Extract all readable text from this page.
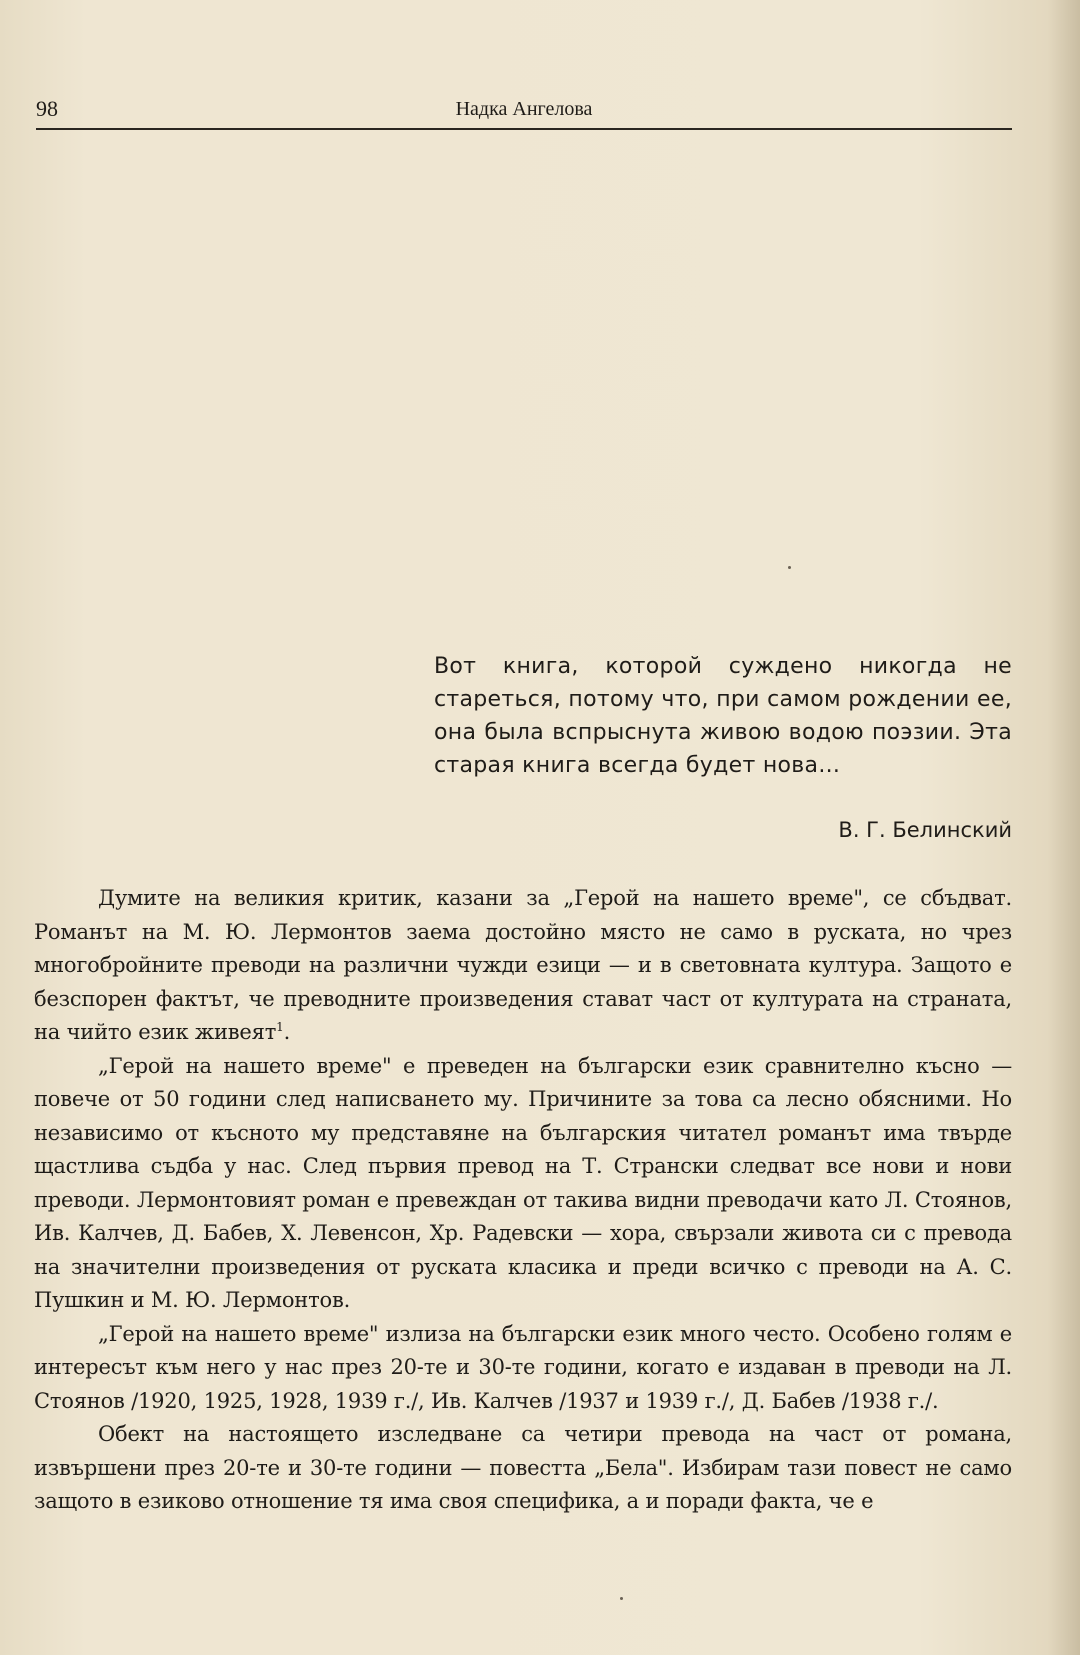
98	Надка Ангелова
Вот книга, которой суждено никогда не стареться, потому что, при самом рождении ее, она была вспрыснута живою водою поэзии. Эта старая книга всегда будет нова...
В. Г. Белинский

Думите на великия критик, казани за „Герой на нашето време", се сбъдват. Романът на М. Ю. Лермонтов заема достойно място не само в руската, но чрез многобройните преводи на различни чужди езици — и в световната култура. Защото е безспорен фактът, че преводните произведения стават част от културата на страната, на чийто език живеят$^1$.

„Герой на нашето време" е преведен на български език сравнително късно — повече от 50 години след написването му. Причините за това са лесно обясними. Но независимо от късното му представяне на българския читател романът има твърде щастлива съдба у нас. След първия превод на Т. Странски следват все нови и нови преводи. Лермонтовият роман е превеждан от такива видни преводачи като Л. Стоянов, Ив. Калчев, Д. Бабев, Х. Левенсон, Хр. Радевски — хора, свързали живота си с превода на значителни произведения от руската класика и преди всичко с преводи на А. С. Пушкин и М. Ю. Лермонтов.

„Герой на нашето време" излиза на български език много често. Особено голям е интересът към него у нас през 20-те и 30-те години, когато е издаван в преводи на Л. Стоянов /1920, 1925, 1928, 1939 г./, Ив. Калчев /1937 и 1939 г./, Д. Бабев /1938 г./.

Обект на настоящето изследване са четири превода на част от романа, извършени през 20-те и 30-те години — повестта „Бела". Избирам тази повест не само защото в езиково отношение тя има своя специфика, а и поради факта, че е
